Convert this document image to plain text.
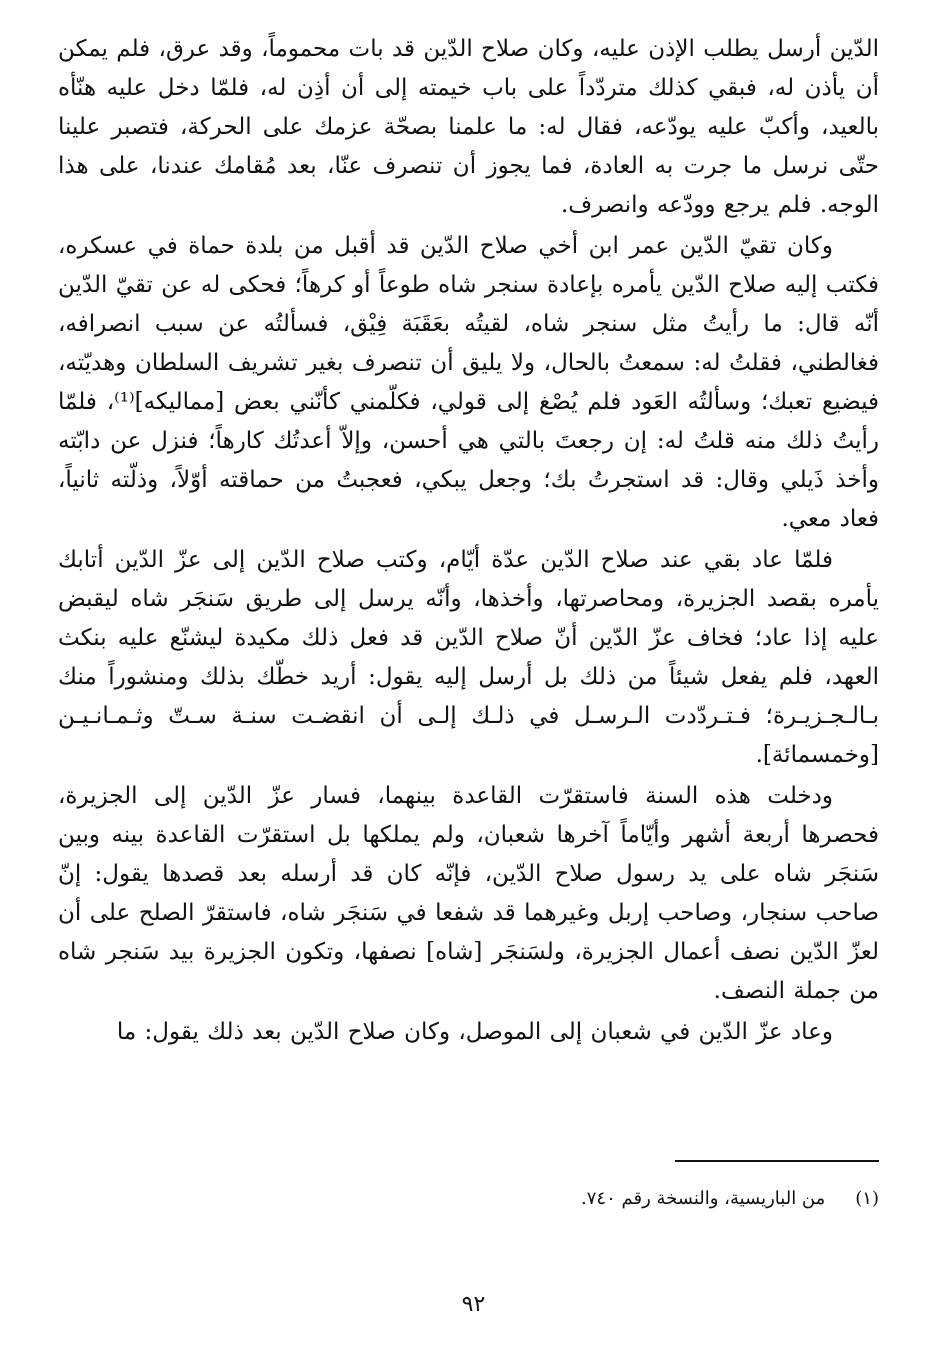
الدّين أرسل يطلب الإذن عليه، وكان صلاح الدّين قد بات محموماً، وقد عرق، فلم يمكن أن يأذن له، فبقي كذلك متردّداً على باب خيمته إلى أن أذِن له، فلمّا دخل عليه هنّأه بالعيد، وأكبّ عليه يودّعه، فقال له: ما علمنا بصحّة عزمك على الحركة، فتصبر علينا حتّى نرسل ما جرت به العادة، فما يجوز أن تنصرف عنّا، بعد مُقامك عندنا، على هذا الوجه. فلم يرجع وودّعه وانصرف.

وكان تقيّ الدّين عمر ابن أخي صلاح الدّين قد أقبل من بلدة حماة في عسكره، فكتب إليه صلاح الدّين يأمره بإعادة سنجر شاه طوعاً أو كرهاً؛ فحكى له عن تقيّ الدّين أنّه قال: ما رأيتُ مثل سنجر شاه، لقيتُه بعَقَبَة فِيْق، فسألتُه عن سبب انصرافه، فغالطني، فقلتُ له: سمعتُ بالحال، ولا يليق أن تنصرف بغير تشريف السلطان وهديّته، فيضيع تعبك؛ وسألتُه العَود فلم يُصْغ إلى قولي، فكلّمني كأنّني بعض [مماليكه]⁽¹⁾، فلمّا رأيتُ ذلك منه قلتُ له: إن رجعتَ بالتي هي أحسن، وإلاّ أعدتُك كارهاً؛ فنزل عن دابّته وأخذ ذَيلي وقال: قد استجرتُ بك؛ وجعل يبكي، فعجبتُ من حماقته أوّلاً، وذلّته ثانياً، فعاد معي.

فلمّا عاد بقي عند صلاح الدّين عدّة أيّام، وكتب صلاح الدّين إلى عزّ الدّين أتابك يأمره بقصد الجزيرة، ومحاصرتها، وأخذها، وأنّه يرسل إلى طريق سَنجَر شاه ليقبض عليه إذا عاد؛ فخاف عزّ الدّين أنّ صلاح الدّين قد فعل ذلك مكيدة ليشنّع عليه بنكث العهد، فلم يفعل شيئاً من ذلك بل أرسل إليه يقول: أريد خطّك بذلك ومنشوراً منك بـالـجـزيـرة؛ فـتـردّدت الـرسـل في ذلـك إلـى أن انقضـت سنـة سـتّ وثـمـانـيـن [وخمسمائة].

ودخلت هذه السنة فاستقرّت القاعدة بينهما، فسار عزّ الدّين إلى الجزيرة، فحصرها أربعة أشهر وأيّاماً آخرها شعبان، ولم يملكها بل استقرّت القاعدة بينه وبين سَنجَر شاه على يد رسول صلاح الدّين، فإنّه كان قد أرسله بعد قصدها يقول: إنّ صاحب سنجار، وصاحب إربل وغيرهما قد شفعا في سَنجَر شاه، فاستقرّ الصلح على أن لعزّ الدّين نصف أعمال الجزيرة، ولسَنجَر [شاه] نصفها، وتكون الجزيرة بيد سَنجر شاه من جملة النصف.

وعاد عزّ الدّين في شعبان إلى الموصل، وكان صلاح الدّين بعد ذلك يقول: ما

(١)من الباريسية، والنسخة رقم ٧٤٠.
٩٢
